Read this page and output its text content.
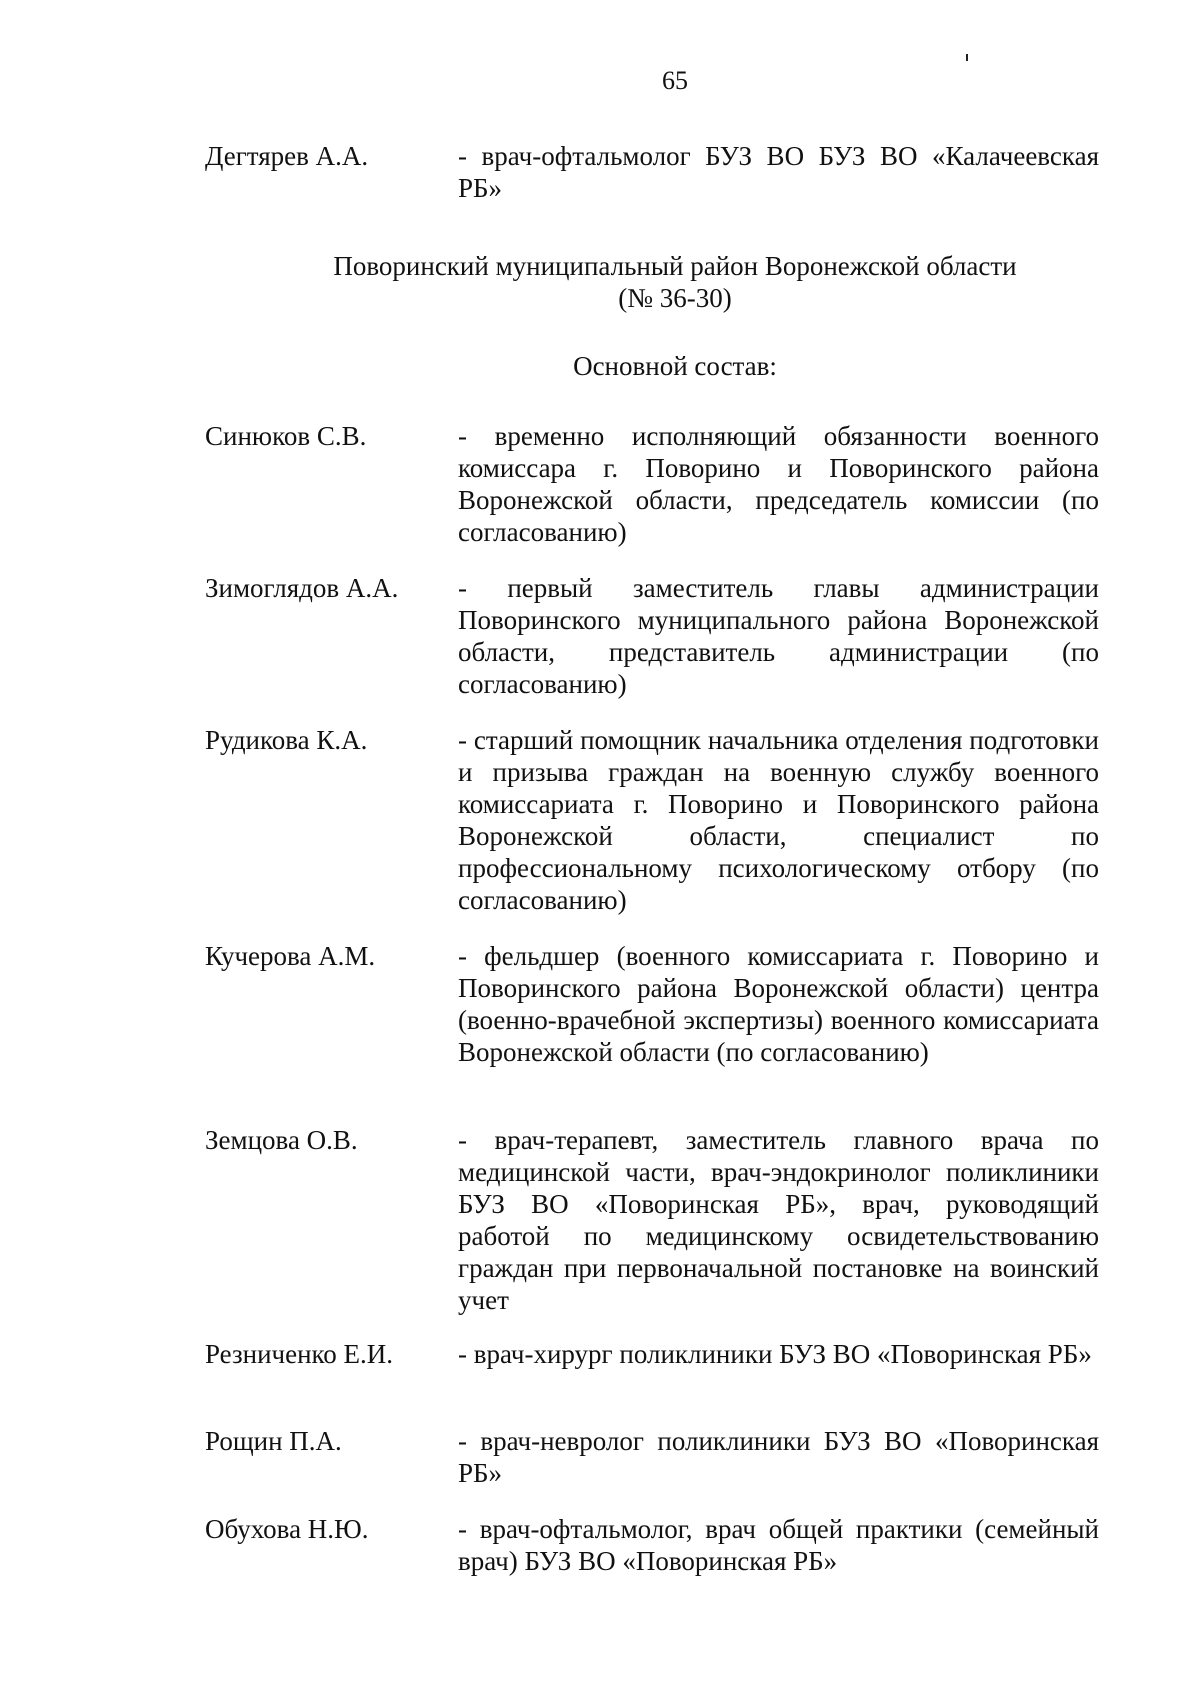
65
Дегтярев А.А.	- врач-офтальмолог БУЗ ВО БУЗ ВО «Калачеевская РБ»
Поворинский муниципальный район Воронежской области
(№ 36-30)
Основной состав:
Синюков С.В.	- временно исполняющий обязанности военного комиссара г. Поворино и Поворинского района Воронежской области, председатель комиссии (по согласованию)
Зимоглядов А.А. - первый заместитель главы администрации Поворинского муниципального района Воронежской области, представитель администрации (по согласованию)
Рудикова К.А.	- старший помощник начальника отделения подготовки и призыва граждан на военную службу военного комиссариата г. Поворино и Поворинского района Воронежской области, специалист по профессиональному психологическому отбору (по согласованию)
Кучерова А.М.	- фельдшер (военного комиссариата г. Поворино и Поворинского района Воронежской области) центра (военно-врачебной экспертизы) военного комиссариата Воронежской области (по согласованию)
Земцова О.В.	- врач-терапевт, заместитель главного врача по медицинской части, врач-эндокринолог поликлиники БУЗ ВО «Поворинская РБ», врач, руководящий работой по медицинскому освидетельствованию граждан при первоначальной постановке на воинский учет
Резниченко Е.И. - врач-хирург поликлиники БУЗ ВО «Поворинская РБ»
Рощин П.А.	- врач-невролог поликлиники БУЗ ВО «Поворинская РБ»
Обухова Н.Ю.	- врач-офтальмолог, врач общей практики (семейный врач) БУЗ ВО «Поворинская РБ»
